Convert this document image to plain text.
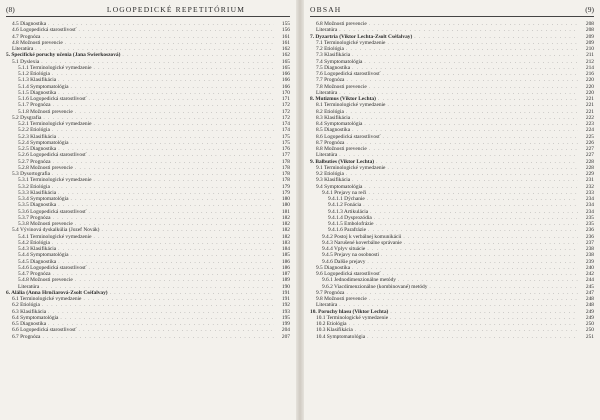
(8)	LOGOPEDICKÉ REPETITÓRIUM
4.5 Diagnostika . . .	155
4.6 Logopedická starostlivosť . . .	156
4.7 Prognóza . . .	161
4.8 Možnosti prevencie . . .	161
Literatúra . . .	162
5. Špecifické poruchy učenia (Jana Swierkoszová) . . .	162
5.1 Dyslexia . . .	165
5.1.1 Terminologické vymedzenie . . .	165
5.1.2 Etiológia . . .	166
5.1.3 Klasifikácia . . .	166
5.1.4 Symptomatológia . . .	166
5.1.5 Diagnostika . . .	170
5.1.6 Logopedická starostlivosť . . .	171
5.1.7 Prognóza . . .	172
5.1.8 Možnosti prevencie . . .	172
5.2 Dysgrafia . . .	172
5.2.1 Terminologické vymedzenie . . .	174
5.2.2 Etiológia . . .	174
5.2.3 Klasifikácia . . .	175
5.2.4 Symptomatológia . . .	175
5.2.5 Diagnostika . . .	176
5.2.6 Logopedická starostlivosť . . .	177
5.2.7 Prognóza . . .	178
5.2.8 Možnosti prevencie . . .	178
5.3 Dysortografia . . .	178
5.3.1 Terminologické vymedzenie . . .	178
5.3.2 Etiológia . . .	179
5.3.3 Klasifikácia . . .	179
5.3.4 Symptomatológia . . .	180
5.3.5 Diagnostika . . .	180
5.3.6 Logopedická starostlivosť . . .	181
5.3.7 Prognóza . . .	182
5.3.8 Možnosti prevencie . . .	182
5.4 Vývinová dyskalkúlia (Jozef Novák) . . .	182
5.4.1 Terminologické vymedzenie . . .	182
5.4.2 Etiológia . . .	183
5.4.3 Klasifikácia . . .	184
5.4.4 Symptomatológia . . .	185
5.4.5 Diagnostika . . .	186
5.4.6 Logopedická starostlivosť . . .	186
5.4.7 Prognóza . . .	187
5.4.8 Možnosti prevencie . . .	189
Literatúra . . .	190
6. Alália (Anna Hrnčiarová-Zsolt Cséfalvay) . . .	191
6.1 Terminologické vymedzenie . . .	191
6.2 Etiológia . . .	192
6.3 Klasifikácia . . .	193
6.4 Symptomatológia . . .	195
6.5 Diagnostika . . .	199
6.6 Logopedická starostlivosť . . .	204
6.7 Prognóza . . .	207
OBSAH	(9)
6.8 Možnosti prevencie . . .	208
Literatúra . . .	208
7. Dyzartria (Viktor Lechta-Zsolt Cséfalvay) . . .	209
7.1 Terminologické vymedzenie . . .	209
7.2 Etiológia . . .	210
7.3 Klasifikácia . . .	211
7.4 Symptomatológia . . .	212
7.5 Diagnostika . . .	214
7.6 Logopedická starostlivosť . . .	216
7.7 Prognóza . . .	220
7.8 Možnosti prevencie . . .	220
Literatúra . . .	220
8. Mutizmus (Viktor Lechta) . . .	221
8.1 Terminologické vymedzenie . . .	221
8.2 Etiológia . . .	221
8.3 Klasifikácia . . .	222
8.4 Symptomatológia . . .	223
8.5 Diagnostika . . .	224
8.6 Logopedická starostlivosť . . .	225
8.7 Prognóza . . .	226
8.8 Možnosti prevencie . . .	227
Literatúra . . .	227
9. Balbuties (Viktor Lechta) . . .	228
9.1 Terminologické vymedzenie . . .	228
9.2 Etiológia . . .	229
9.3 Klasifikácia . . .	231
9.4 Symptomatológia . . .	232
9.4.1 Prejavy na reči . . .	233
9.4.1.1 Dýchanie . . .	234
9.4.1.2 Fonácia . . .	234
9.4.1.3 Artikulácia . . .	234
9.4.1.4 Dysprozódia . . .	235
9.4.1.5 Embolofrázie . . .	235
9.4.1.6 Parafrázie . . .	236
9.4.2 Postoj k verbálnej komunikácii . . .	236
9.4.3 Narušené koverbálne správanie . . .	237
9.4.4 Vplyv situácie . . .	238
9.4.5 Prejavy na osobnosti . . .	238
9.4.6 Ďalšie prejavy . . .	239
9.5 Diagnostika . . .	240
9.6 Logopedická starostlivosť . . .	242
9.6.1 Jednodimenzionálne metódy . . .	244
9.6.2 Viacdimenzionálne (kombinované) metódy . . .	245
9.7 Prognóza . . .	247
9.8 Možnosti prevencie . . .	248
Literatúra . . .	248
10. Poruchy hlasu (Viktor Lechta) . . .	249
10.1 Terminologické vymedzenie . . .	249
10.2 Etiológia . . .	250
10.3 Klasifikácia . . .	250
10.4 Symptomatológia . . .	251
